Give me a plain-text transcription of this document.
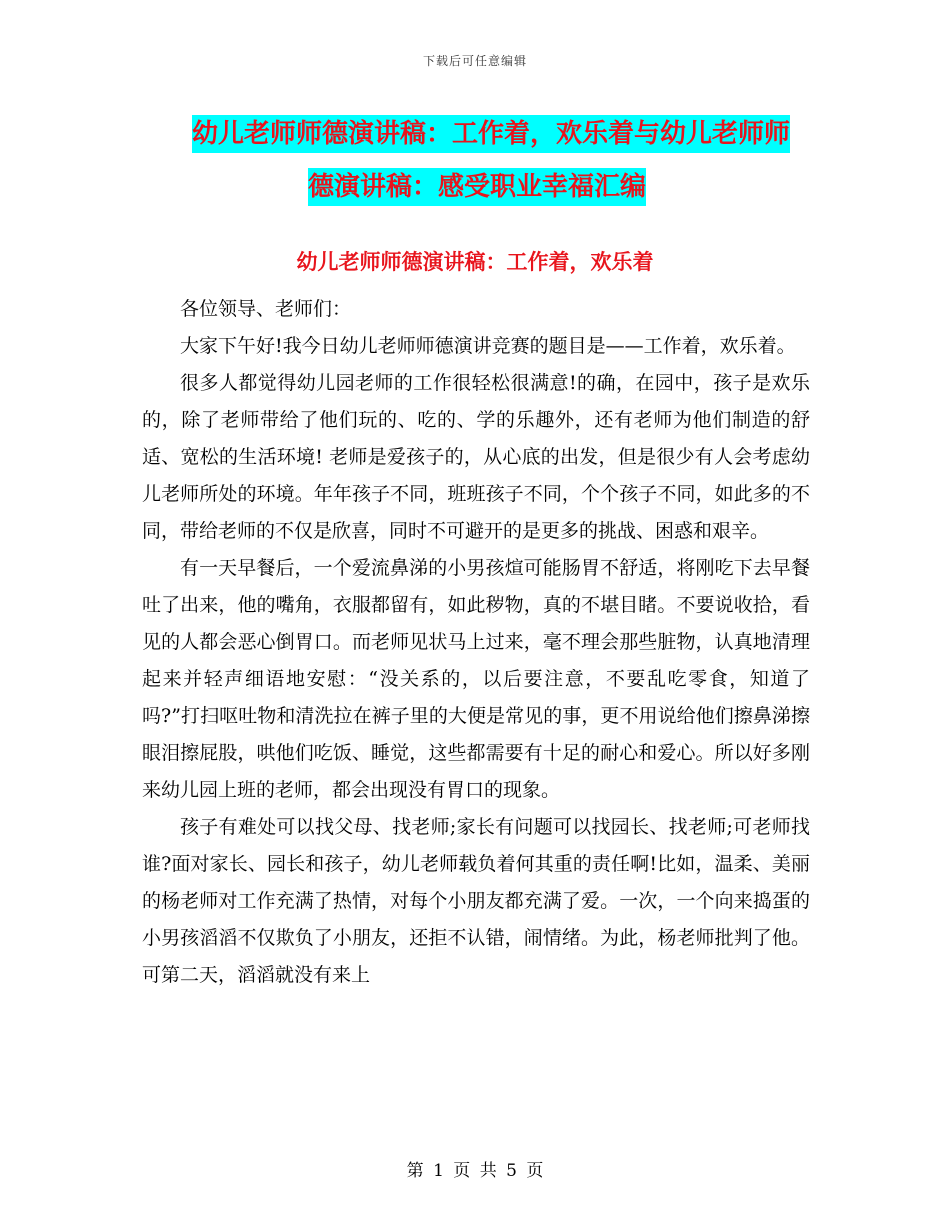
下载后可任意编辑
幼儿老师师德演讲稿：工作着，欢乐着与幼儿老师师
德演讲稿：感受职业幸福汇编
幼儿老师师德演讲稿：工作着，欢乐着

各位领导、老师们：

大家下午好!我今日幼儿老师师德演讲竞赛的题目是——工作着，欢乐着。

很多人都觉得幼儿园老师的工作很轻松很满意!的确，在园中，孩子是欢乐的，除了老师带给了他们玩的、吃的、学的乐趣外，还有老师为他们制造的舒适、宽松的生活环境! 老师是爱孩子的，从心底的出发，但是很少有人会考虑幼儿老师所处的环境。年年孩子不同，班班孩子不同，个个孩子不同，如此多的不同，带给老师的不仅是欣喜，同时不可避开的是更多的挑战、困惑和艰辛。

有一天早餐后，一个爱流鼻涕的小男孩煊可能肠胃不舒适，将刚吃下去早餐吐了出来，他的嘴角，衣服都留有，如此秽物，真的不堪目睹。不要说收拾，看见的人都会恶心倒胃口。而老师见状马上过来，毫不理会那些脏物，认真地清理起来并轻声细语地安慰：“没关系的，以后要注意，不要乱吃零食，知道了吗?”打扫呕吐物和清洗拉在裤子里的大便是常见的事，更不用说给他们擦鼻涕擦眼泪擦屁股，哄他们吃饭、睡觉，这些都需要有十足的耐心和爱心。所以好多刚来幼儿园上班的老师，都会出现没有胃口的现象。

孩子有难处可以找父母、找老师;家长有问题可以找园长、找老师;可老师找谁?面对家长、园长和孩子，幼儿老师载负着何其重的责任啊!比如，温柔、美丽的杨老师对工作充满了热情，对每个小朋友都充满了爱。一次，一个向来捣蛋的小男孩滔滔不仅欺负了小朋友，还拒不认错，闹情绪。为此，杨老师批判了他。可第二天，滔滔就没有来上

第 1 页 共 5 页
